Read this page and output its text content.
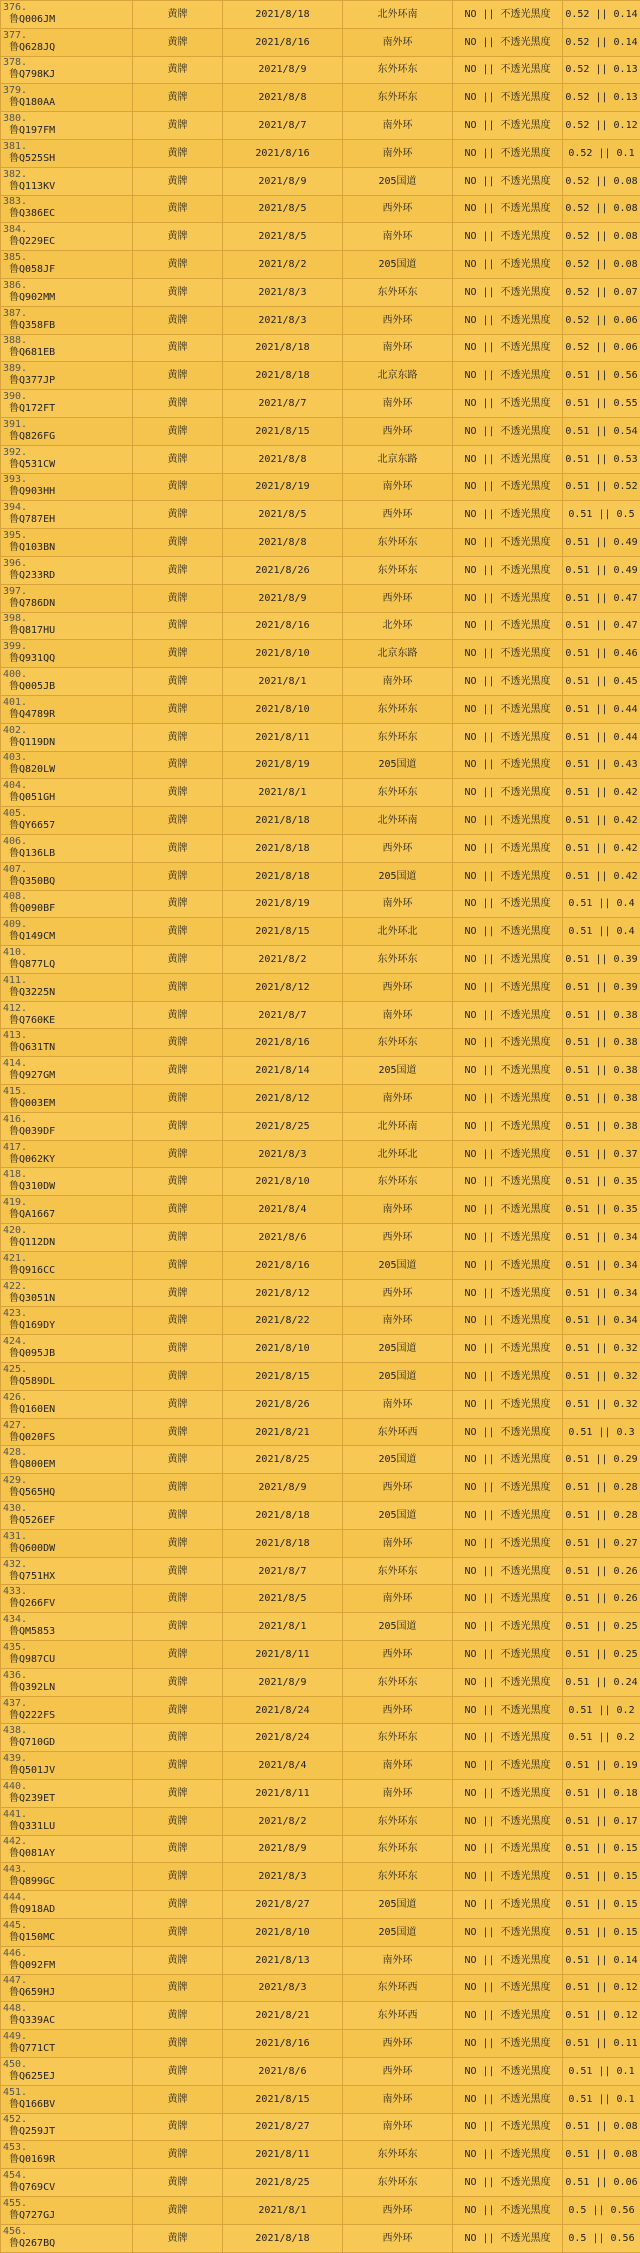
376.
鲁Q006JM	黄牌	2021/8/18	北外环南	NO || 不透光黑度	0.52 || 0.14

377.
鲁Q628JQ	黄牌	2021/8/16	南外环	NO || 不透光黑度	0.52 || 0.14

378.
鲁Q798KJ	黄牌	2021/8/9	东外环东	NO || 不透光黑度	0.52 || 0.13

379.
鲁Q180AA	黄牌	2021/8/8	东外环东	NO || 不透光黑度	0.52 || 0.13

380.
鲁Q197FM	黄牌	2021/8/7	南外环	NO || 不透光黑度	0.52 || 0.12

381.
鲁Q525SH	黄牌	2021/8/16	南外环	NO || 不透光黑度	0.52 || 0.1

382.
鲁Q113KV	黄牌	2021/8/9	205国道	NO || 不透光黑度	0.52 || 0.08

383.
鲁Q386EC	黄牌	2021/8/5	西外环	NO || 不透光黑度	0.52 || 0.08

384.
鲁Q229EC	黄牌	2021/8/5	南外环	NO || 不透光黑度	0.52 || 0.08

385.
鲁Q058JF	黄牌	2021/8/2	205国道	NO || 不透光黑度	0.52 || 0.08

386.
鲁Q902MM	黄牌	2021/8/3	东外环东	NO || 不透光黑度	0.52 || 0.07

387.
鲁Q358FB	黄牌	2021/8/3	西外环	NO || 不透光黑度	0.52 || 0.06

388.
鲁Q681EB	黄牌	2021/8/18	南外环	NO || 不透光黑度	0.52 || 0.06

389.
鲁Q377JP	黄牌	2021/8/18	北京东路	NO || 不透光黑度	0.51 || 0.56

390.
鲁Q172FT	黄牌	2021/8/7	南外环	NO || 不透光黑度	0.51 || 0.55

391.
鲁Q826FG	黄牌	2021/8/15	西外环	NO || 不透光黑度	0.51 || 0.54

392.
鲁Q531CW	黄牌	2021/8/8	北京东路	NO || 不透光黑度	0.51 || 0.53

393.
鲁Q903HH	黄牌	2021/8/19	南外环	NO || 不透光黑度	0.51 || 0.52

394.
鲁Q787EH	黄牌	2021/8/5	西外环	NO || 不透光黑度	0.51 || 0.5

395.
鲁Q103BN	黄牌	2021/8/8	东外环东	NO || 不透光黑度	0.51 || 0.49

396.
鲁Q233RD	黄牌	2021/8/26	东外环东	NO || 不透光黑度	0.51 || 0.49

397.
鲁Q786DN	黄牌	2021/8/9	西外环	NO || 不透光黑度	0.51 || 0.47

398.
鲁Q817HU	黄牌	2021/8/16	北外环	NO || 不透光黑度	0.51 || 0.47

399.
鲁Q931QQ	黄牌	2021/8/10	北京东路	NO || 不透光黑度	0.51 || 0.46

400.
鲁Q005JB	黄牌	2021/8/1	南外环	NO || 不透光黑度	0.51 || 0.45

401.
鲁Q4789R	黄牌	2021/8/10	东外环东	NO || 不透光黑度	0.51 || 0.44

402.
鲁Q119DN	黄牌	2021/8/11	东外环东	NO || 不透光黑度	0.51 || 0.44

403.
鲁Q820LW	黄牌	2021/8/19	205国道	NO || 不透光黑度	0.51 || 0.43

404.
鲁Q051GH	黄牌	2021/8/1	东外环东	NO || 不透光黑度	0.51 || 0.42

405.
鲁QY6657	黄牌	2021/8/18	北外环南	NO || 不透光黑度	0.51 || 0.42

406.
鲁Q136LB	黄牌	2021/8/18	西外环	NO || 不透光黑度	0.51 || 0.42

407.
鲁Q350BQ	黄牌	2021/8/18	205国道	NO || 不透光黑度	0.51 || 0.42

408.
鲁Q090BF	黄牌	2021/8/19	南外环	NO || 不透光黑度	0.51 || 0.4

409.
鲁Q149CM	黄牌	2021/8/15	北外环北	NO || 不透光黑度	0.51 || 0.4

410.
鲁Q877LQ	黄牌	2021/8/2	东外环东	NO || 不透光黑度	0.51 || 0.39

411.
鲁Q3225N	黄牌	2021/8/12	西外环	NO || 不透光黑度	0.51 || 0.39

412.
鲁Q760KE	黄牌	2021/8/7	南外环	NO || 不透光黑度	0.51 || 0.38

413.
鲁Q631TN	黄牌	2021/8/16	东外环东	NO || 不透光黑度	0.51 || 0.38

414.
鲁Q927GM	黄牌	2021/8/14	205国道	NO || 不透光黑度	0.51 || 0.38

415.
鲁Q003EM	黄牌	2021/8/12	南外环	NO || 不透光黑度	0.51 || 0.38

416.
鲁Q039DF	黄牌	2021/8/25	北外环南	NO || 不透光黑度	0.51 || 0.38

417.
鲁Q062KY	黄牌	2021/8/3	北外环北	NO || 不透光黑度	0.51 || 0.37

418.
鲁Q310DW	黄牌	2021/8/10	东外环东	NO || 不透光黑度	0.51 || 0.35

419.
鲁QA1667	黄牌	2021/8/4	南外环	NO || 不透光黑度	0.51 || 0.35

420.
鲁Q112DN	黄牌	2021/8/6	西外环	NO || 不透光黑度	0.51 || 0.34

421.
鲁Q916CC	黄牌	2021/8/16	205国道	NO || 不透光黑度	0.51 || 0.34

422.
鲁Q3051N	黄牌	2021/8/12	西外环	NO || 不透光黑度	0.51 || 0.34

423.
鲁Q169DY	黄牌	2021/8/22	南外环	NO || 不透光黑度	0.51 || 0.34

424.
鲁Q095JB	黄牌	2021/8/10	205国道	NO || 不透光黑度	0.51 || 0.32

425.
鲁Q589DL	黄牌	2021/8/15	205国道	NO || 不透光黑度	0.51 || 0.32

426.
鲁Q160EN	黄牌	2021/8/26	南外环	NO || 不透光黑度	0.51 || 0.32

427.
鲁Q020FS	黄牌	2021/8/21	东外环西	NO || 不透光黑度	0.51 || 0.3

428.
鲁Q800EM	黄牌	2021/8/25	205国道	NO || 不透光黑度	0.51 || 0.29

429.
鲁Q565HQ	黄牌	2021/8/9	西外环	NO || 不透光黑度	0.51 || 0.28

430.
鲁Q526EF	黄牌	2021/8/18	205国道	NO || 不透光黑度	0.51 || 0.28

431.
鲁Q600DW	黄牌	2021/8/18	南外环	NO || 不透光黑度	0.51 || 0.27

432.
鲁Q751HX	黄牌	2021/8/7	东外环东	NO || 不透光黑度	0.51 || 0.26

433.
鲁Q266FV	黄牌	2021/8/5	南外环	NO || 不透光黑度	0.51 || 0.26

434.
鲁QM5853	黄牌	2021/8/1	205国道	NO || 不透光黑度	0.51 || 0.25

435.
鲁Q987CU	黄牌	2021/8/11	西外环	NO || 不透光黑度	0.51 || 0.25

436.
鲁Q392LN	黄牌	2021/8/9	东外环东	NO || 不透光黑度	0.51 || 0.24

437.
鲁Q222FS	黄牌	2021/8/24	西外环	NO || 不透光黑度	0.51 || 0.2

438.
鲁Q710GD	黄牌	2021/8/24	东外环东	NO || 不透光黑度	0.51 || 0.2

439.
鲁Q501JV	黄牌	2021/8/4	南外环	NO || 不透光黑度	0.51 || 0.19

440.
鲁Q239ET	黄牌	2021/8/11	南外环	NO || 不透光黑度	0.51 || 0.18

441.
鲁Q331LU	黄牌	2021/8/2	东外环东	NO || 不透光黑度	0.51 || 0.17

442.
鲁Q081AY	黄牌	2021/8/9	东外环东	NO || 不透光黑度	0.51 || 0.15

443.
鲁Q899GC	黄牌	2021/8/3	东外环东	NO || 不透光黑度	0.51 || 0.15

444.
鲁Q918AD	黄牌	2021/8/27	205国道	NO || 不透光黑度	0.51 || 0.15

445.
鲁Q150MC	黄牌	2021/8/10	205国道	NO || 不透光黑度	0.51 || 0.15

446.
鲁Q092FM	黄牌	2021/8/13	南外环	NO || 不透光黑度	0.51 || 0.14

447.
鲁Q659HJ	黄牌	2021/8/3	东外环西	NO || 不透光黑度	0.51 || 0.12

448.
鲁Q339AC	黄牌	2021/8/21	东外环西	NO || 不透光黑度	0.51 || 0.12

449.
鲁Q771CT	黄牌	2021/8/16	西外环	NO || 不透光黑度	0.51 || 0.11

450.
鲁Q625EJ	黄牌	2021/8/6	西外环	NO || 不透光黑度	0.51 || 0.1

451.
鲁Q166BV	黄牌	2021/8/15	南外环	NO || 不透光黑度	0.51 || 0.1

452.
鲁Q259JT	黄牌	2021/8/27	南外环	NO || 不透光黑度	0.51 || 0.08

453.
鲁Q0169R	黄牌	2021/8/11	东外环东	NO || 不透光黑度	0.51 || 0.08

454.
鲁Q769CV	黄牌	2021/8/25	东外环东	NO || 不透光黑度	0.51 || 0.06

455.
鲁Q727GJ	黄牌	2021/8/1	西外环	NO || 不透光黑度	0.5 || 0.56

456.
鲁Q267BQ	黄牌	2021/8/18	西外环	NO || 不透光黑度	0.5 || 0.56
